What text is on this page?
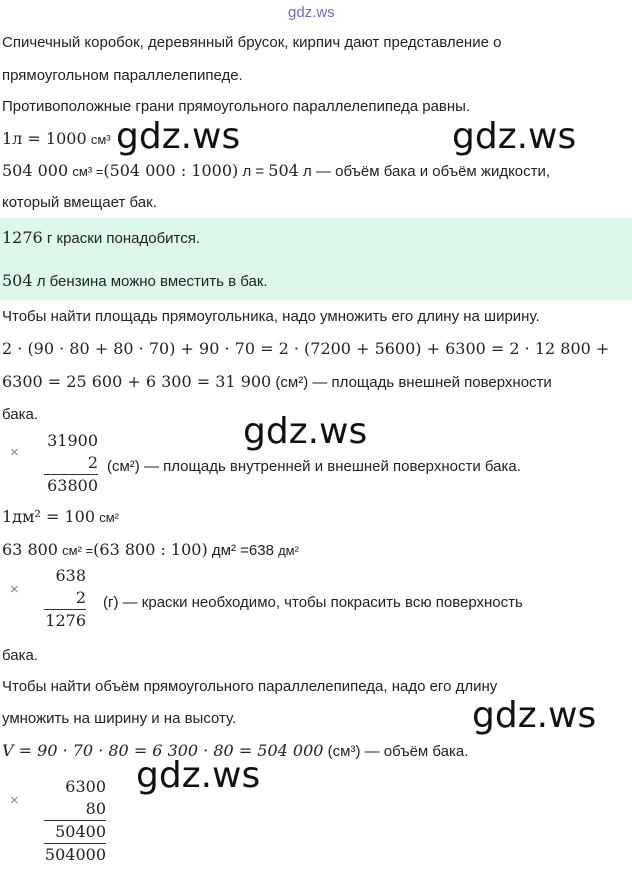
gdz.ws
Спичечный коробок, деревянный брусок, кирпич дают представление о
прямоугольном параллелепипеде.
Противоположные грани прямоугольного параллелепипеда равны.
1л = 1000 см³
504 000 см³ =(504 000 : 1000) л = 504 л — объём бака и объём жидкости,
который вмещает бак.
1276 г краски понадобится.
504 л бензина можно вместить в бак.
Чтобы найти площадь прямоугольника, надо умножить его длину на ширину.
2 · (90 · 80 + 80 · 70) + 90 · 70 = 2 · (7200 + 5600) + 6300 = 2 · 12 800 +
6300 = 25 600 + 6 300 = 31 900 (см²) — площадь внешней поверхности
бака.
×
31900
2
63800
(см²) — площадь внутренней и внешней поверхности бака.
1дм² = 100 см²
63 800 см² =(63 800 : 100) дм² =638 дм²
×
638
2
1276
(г) — краски необходимо, чтобы покрасить всю поверхность
бака.
Чтобы найти объём прямоугольного параллелепипеда, надо его длину
умножить на ширину и на высоту.
V = 90 · 70 · 80 = 6 300 · 80 = 504 000 (см³) — объём бака.
×
6300
80
50400
504000
gdz.ws	gdz.ws
gdz.ws
gdz.ws
gdz.ws
